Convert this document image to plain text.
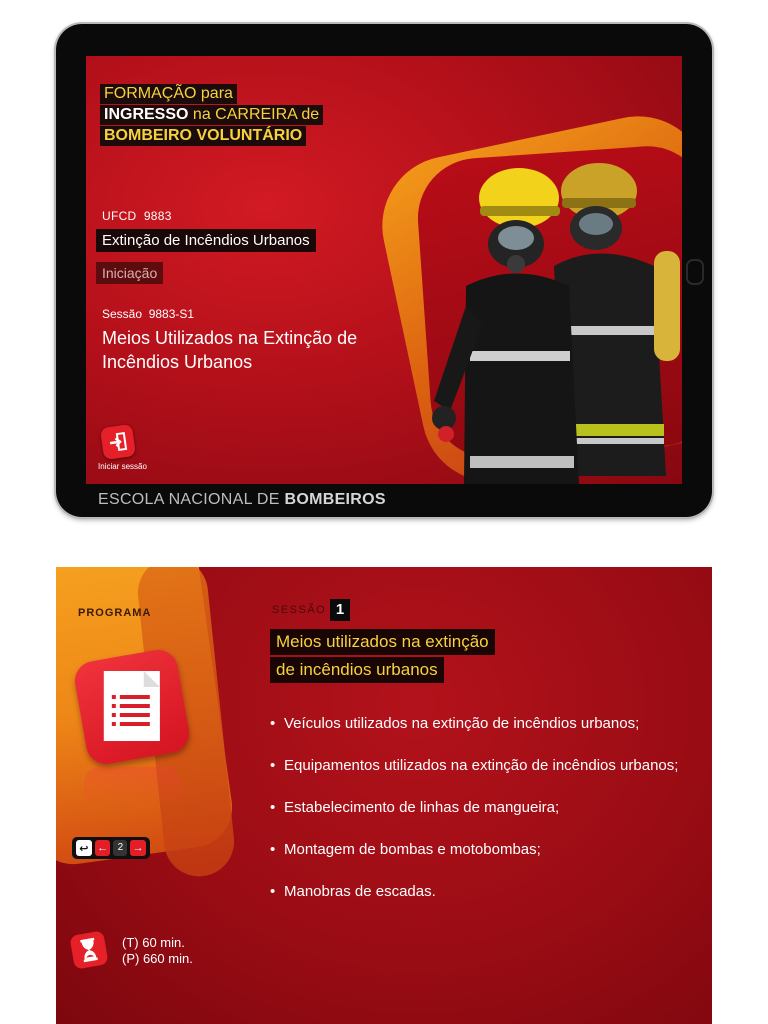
FORMAÇÃO para
INGRESSO na CARREIRA de
BOMBEIRO VOLUNTÁRIO
UFCD 9883
Extinção de Incêndios Urbanos
Iniciação
Sessão 9883-S1
Meios Utilizados na Extinção de Incêndios Urbanos
Iniciar sessão
ESCOLA NACIONAL DE BOMBEIROS
PROGRAMA
↩ ← 2 →
(T) 60 min.
(P) 660 min.
SESSÃO 1
Meios utilizados na extinção
de incêndios urbanos
• Veículos utilizados na extinção de incêndios urbanos;
• Equipamentos utilizados na extinção de incêndios urbanos;
• Estabelecimento de linhas de mangueira;
• Montagem de bombas e motobombas;
• Manobras de escadas.
